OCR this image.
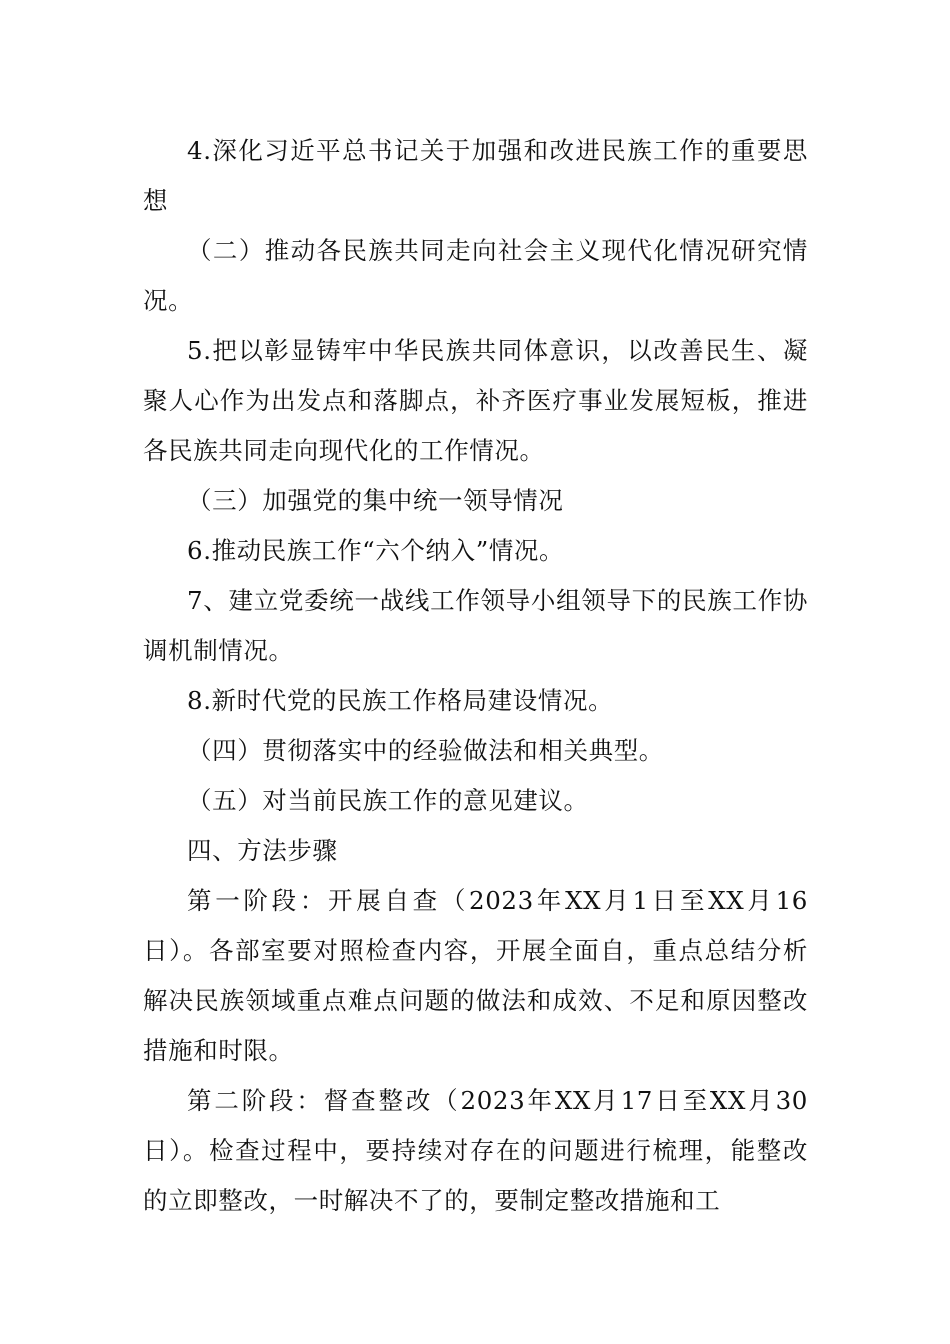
4.深化习近平总书记关于加强和改进民族工作的重要思想

（二）推动各民族共同走向社会主义现代化情况研究情况。

5.把以彰显铸牢中华民族共同体意识，以改善民生、凝聚人心作为出发点和落脚点，补齐医疗事业发展短板，推进各民族共同走向现代化的工作情况。

（三）加强党的集中统一领导情况

6.推动民族工作“六个纳入”情况。

7、建立党委统一战线工作领导小组领导下的民族工作协调机制情况。

8.新时代党的民族工作格局建设情况。

（四）贯彻落实中的经验做法和相关典型。

（五）对当前民族工作的意见建议。

四、方法步骤

第一阶段：开展自查（2023年XX月1日至XX月16日）。各部室要对照检查内容，开展全面自，重点总结分析解决民族领域重点难点问题的做法和成效、不足和原因整改措施和时限。

第二阶段：督查整改（2023年XX月17日至XX月30日）。检查过程中，要持续对存在的问题进行梳理，能整改的立即整改，一时解决不了的，要制定整改措施和工
